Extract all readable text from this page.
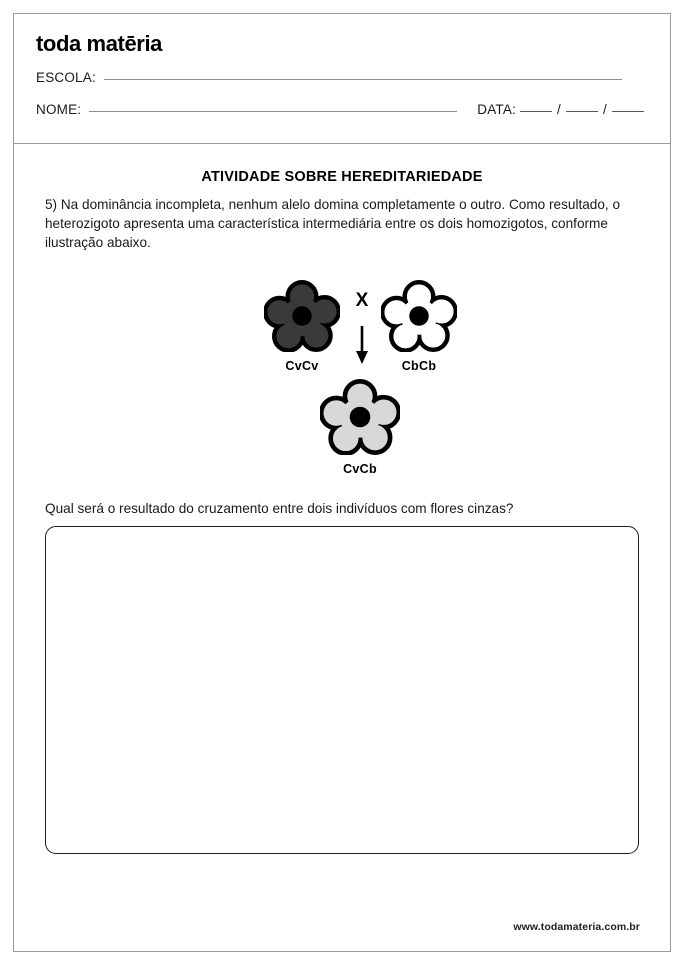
toda matēria
ESCOLA:
NOME:	DATA:	/	/
ATIVIDADE SOBRE HEREDITARIEDADE
5) Na dominância incompleta, nenhum alelo domina completamente o outro. Como resultado, o heterozigoto apresenta uma característica intermediária entre os dois homozigotos, conforme ilustração abaixo.
CvCv
X
CbCb
CvCb
Qual será o resultado do cruzamento entre dois indivíduos com flores cinzas?
www.todamateria.com.br
